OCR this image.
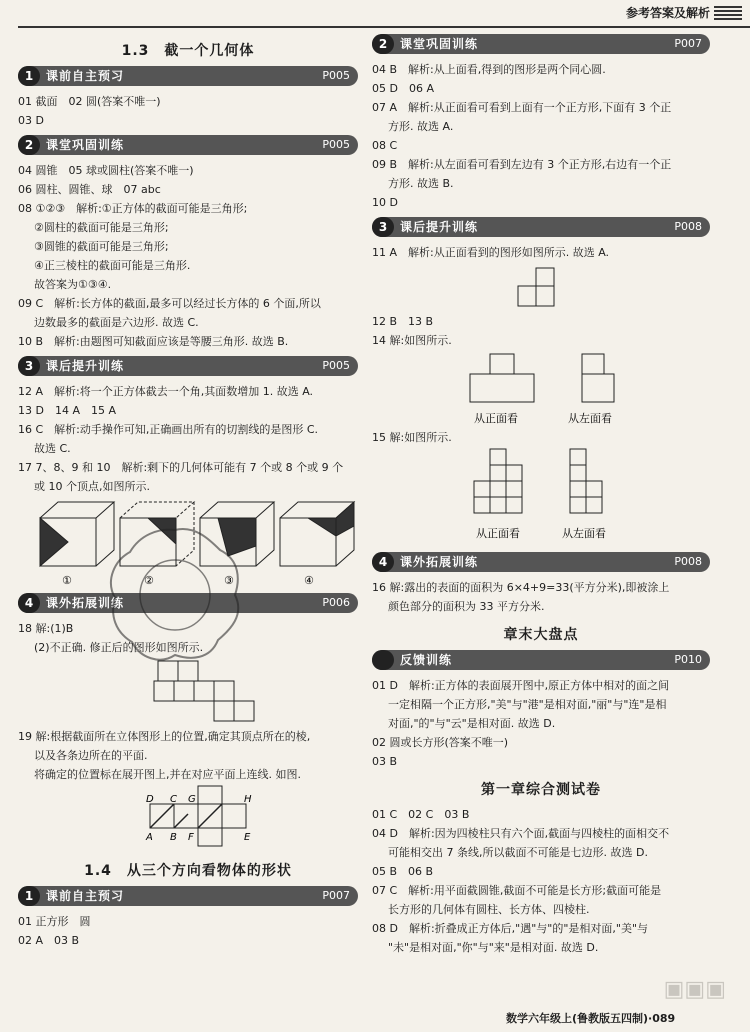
参考答案及解析
1.3　截一个几何体
1	课前自主预习	P005
01 截面　02 圆(答案不唯一)
03 D
2	课堂巩固训练	P005
04 圆锥　05 球或圆柱(答案不唯一)
06 圆柱、圆锥、球　07 abc
08 ①②③　解析:①正方体的截面可能是三角形;
②圆柱的截面可能是三角形;
③圆锥的截面可能是三角形;
④正三棱柱的截面可能是三角形.
故答案为①③④.
09 C　解析:长方体的截面,最多可以经过长方体的 6 个面,所以
边数最多的截面是六边形. 故选 C.
10 B　解析:由题图可知截面应该是等腰三角形. 故选 B.
3	课后提升训练	P005
12 A　解析:将一个正方体截去一个角,其面数增加 1. 故选 A.
13 D　14 A　15 A
16 C　解析:动手操作可知,正确画出所有的切割线的是图形 C.
故选 C.
17 7、8、9 和 10　解析:剩下的几何体可能有 7 个或 8 个或 9 个
或 10 个顶点,如图所示.
①	②	③	④
4	课外拓展训练	P006
18 解:(1)B
(2)不正确. 修正后的图形如图所示.
19 解:根据截面所在立体图形上的位置,确定其顶点所在的棱,
以及各条边所在的平面.
将确定的位置标在展开图上,并在对应平面上连线. 如图.
D C G	H
A B F	E
1.4　从三个方向看物体的形状
1	课前自主预习	P007
01 正方形　圆
02 A　03 B
2	课堂巩固训练	P007
04 B　解析:从上面看,得到的图形是两个同心圆.
05 D　06 A
07 A　解析:从正面看可看到上面有一个正方形,下面有 3 个正
方形. 故选 A.
08 C
09 B　解析:从左面看可看到左边有 3 个正方形,右边有一个正
方形. 故选 B.
10 D
3	课后提升训练	P008
11 A　解析:从正面看到的图形如图所示. 故选 A.
12 B　13 B
14 解:如图所示.
从正面看	从左面看
15 解:如图所示.
从正面看	从左面看
4	课外拓展训练	P008
16 解:露出的表面的面积为 6×4+9=33(平方分米),即被涂上
颜色部分的面积为 33 平方分米.
章末大盘点
反馈训练	P010
01 D　解析:正方体的表面展开图中,原正方体中相对的面之间
一定相隔一个正方形,"美"与"港"是相对面,"丽"与"连"是相
对面,"的"与"云"是相对面. 故选 D.
02 圆或长方形(答案不唯一)
03 B
第一章综合测试卷
01 C　02 C　03 B
04 D　解析:因为四棱柱只有六个面,截面与四棱柱的面相交不
可能相交出 7 条线,所以截面不可能是七边形. 故选 D.
05 B　06 B
07 C　解析:用平面截圆锥,截面不可能是长方形;截面可能是
长方形的几何体有圆柱、长方体、四棱柱.
08 D　解析:折叠成正方体后,"遇"与"的"是相对面,"美"与
"未"是相对面,"你"与"来"是相对面. 故选 D.
数学六年级上(鲁教版五四制)·089
▣▣▣
